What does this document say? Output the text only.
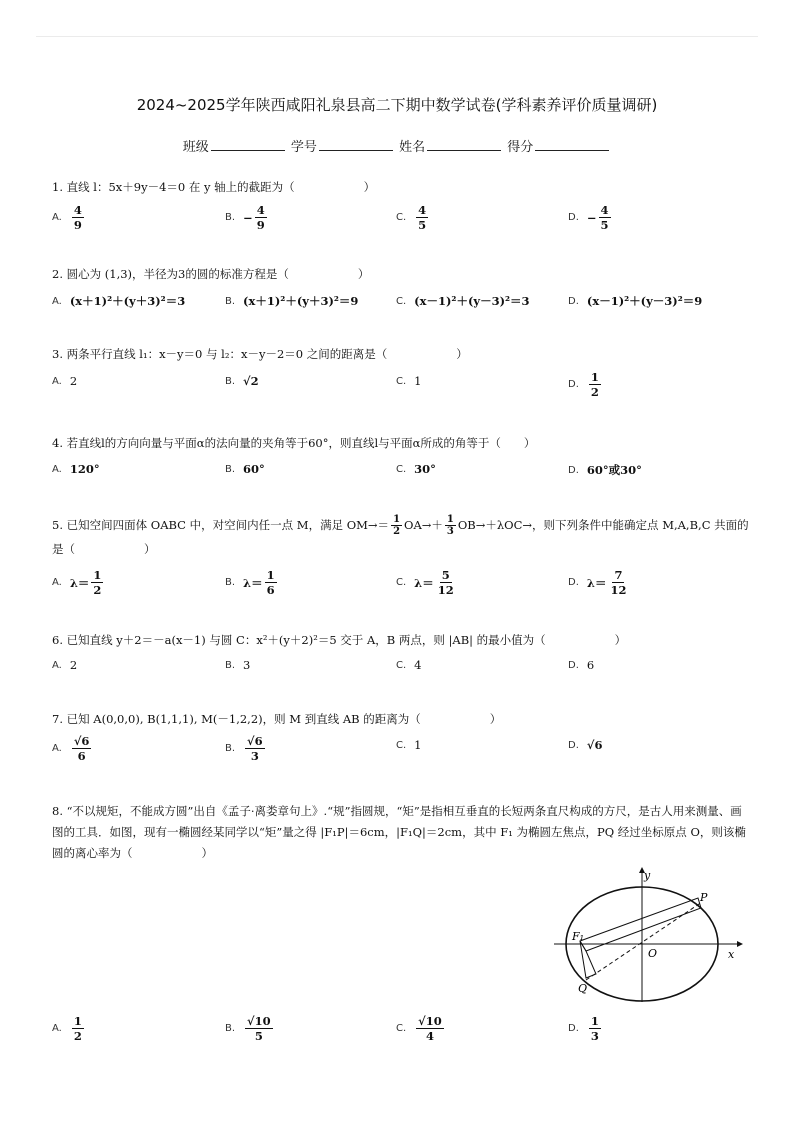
2024~2025学年陕西咸阳礼泉县高二下期中数学试卷(学科素养评价质量调研)
班级	学号	姓名	得分
1. 直线 l：5x＋9y－4＝0 在 y 轴上的截距为（　　　　　　）
A. $\frac{4}{9}$	B. − $\frac{4}{9}$	C. $\frac{4}{5}$	D. − $\frac{4}{5}$
2. 圆心为 (1,3)，半径为3的圆的标准方程是（　　　　　　）
A. (x＋1)²＋(y＋3)²＝3	B. (x＋1)²＋(y＋3)²＝9	C. (x－1)²＋(y－3)²＝3	D. (x－1)²＋(y－3)²＝9
3. 两条平行直线 l₁：x－y＝0 与 l₂：x－y－2＝0 之间的距离是（　　　　　　）
A. 2	B. √2	C. 1	D. $\frac{1}{2}$
4. 若直线l的方向向量与平面α的法向量的夹角等于60°，则直线l与平面α所成的角等于（　　）
A. 120°	B. 60°	C. 30°	D. 60°或30°
5. 已知空间四面体 OABC 中，对空间内任一点 M，满足 $OM\to= \frac{1}{2} OA\to+ \frac{1}{3} OB\to+\lambda OC\to$，则下列条件中能确定点 M,A,B,C 共面的
是（　　　　　　）
A. $\lambda= \frac{1}{2}$	B. $\lambda= \frac{1}{6}$	C. $\lambda= \frac{5}{12}$	D. $\lambda= \frac{7}{12}$
6. 已知直线 y＋2＝－a(x－1) 与圆 C：x²＋(y＋2)²＝5 交于 A，B 两点，则 |AB| 的最小值为（　　　　　　）
A. 2	B. 3	C. 4	D. 6
7. 已知 A(0,0,0), B(1,1,1), M(－1,2,2)，则 M 到直线 AB 的距离为（　　　　　　）
A. $\frac{√6}{6}$	B. $\frac{√6}{3}$	C. 1	D. √6
8. “不以规矩，不能成方圆”出自《孟子·离娄章句上》.“规”指圆规，“矩”是指相互垂直的长短两条直尺构成的方尺，是古人用来测量、画图的工具．如图，现有一椭圆经某同学以“矩”量之得 |F₁P|＝6cm，|F₁Q|＝2cm，其中 F₁ 为椭圆左焦点，PQ 经过坐标原点 O，则该椭圆的离心率为（　　　　　　）
y
x
P
F₁
O
Q
A. $\frac{1}{2}$	B. $\frac{√10}{5}$	C. $\frac{√10}{4}$	D. $\frac{1}{3}$
